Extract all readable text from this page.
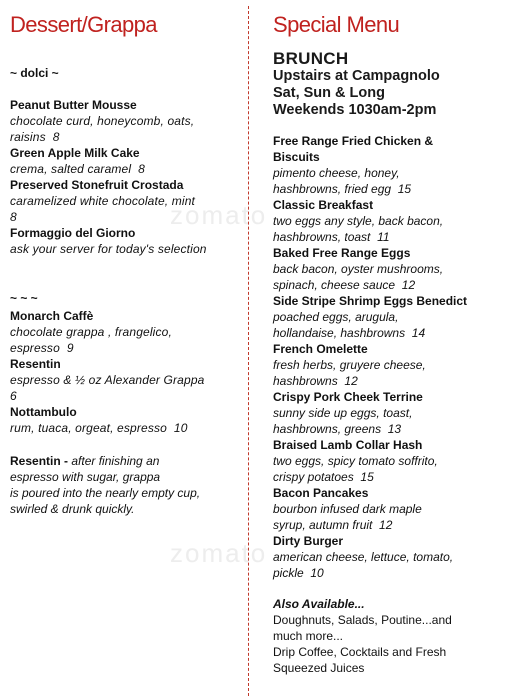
zomato
zomato
Dessert/Grappa
~ dolci ~
Peanut Butter Mousse
chocolate curd, honeycomb, oats,
raisins 8
Green Apple Milk Cake
crema, salted caramel 8
Preserved Stonefruit Crostada
caramelized white chocolate, mint
8
Formaggio del Giorno
ask your server for today's selection
~ ~ ~
Monarch Caffè
chocolate grappa , frangelico,
espresso 9
Resentin
espresso & ½ oz Alexander Grappa
6
Nottambulo
rum, tuaca, orgeat, espresso 10
Resentin - after finishing an
espresso with sugar, grappa
is poured into the nearly empty cup,
swirled & drunk quickly.
Special Menu
BRUNCH
Upstairs at Campagnolo
Sat, Sun & Long
Weekends 1030am-2pm
Free Range Fried Chicken &
Biscuits
pimento cheese, honey,
hashbrowns, fried egg 15
Classic Breakfast
two eggs any style, back bacon,
hashbrowns, toast 11
Baked Free Range Eggs
back bacon, oyster mushrooms,
spinach, cheese sauce 12
Side Stripe Shrimp Eggs Benedict
poached eggs, arugula,
hollandaise, hashbrowns 14
French Omelette
fresh herbs, gruyere cheese,
hashbrowns 12
Crispy Pork Cheek Terrine
sunny side up eggs, toast,
hashbrowns, greens 13
Braised Lamb Collar Hash
two eggs, spicy tomato soffrito,
crispy potatoes 15
Bacon Pancakes
bourbon infused dark maple
syrup, autumn fruit 12
Dirty Burger
american cheese, lettuce, tomato,
pickle 10
Also Available...
Doughnuts, Salads, Poutine...and
much more...
Drip Coffee, Cocktails and Fresh
Squeezed Juices
